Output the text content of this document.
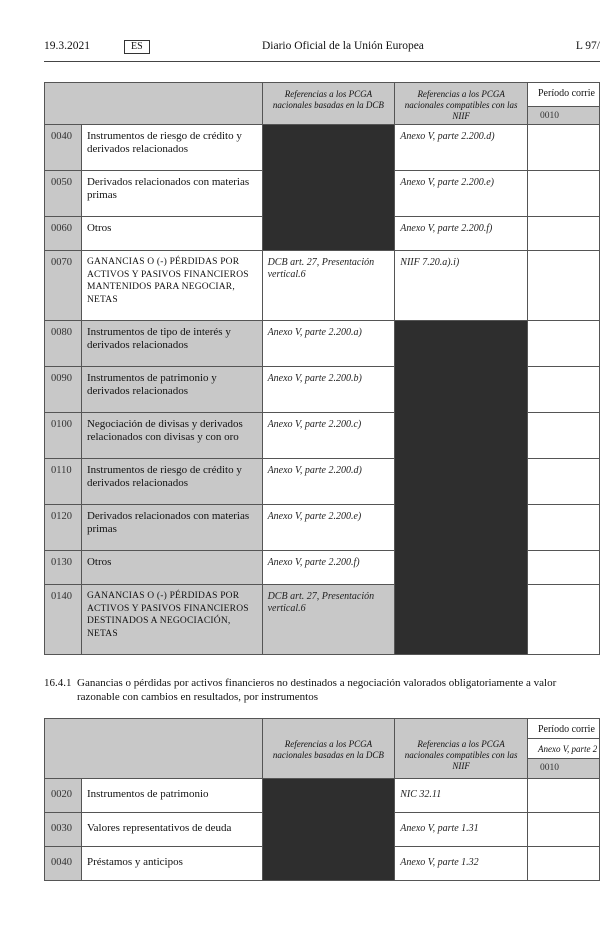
19.3.2021	ES	Diario Oficial de la Unión Europea	L 97/
		Referencias a los PCGA nacionales basadas en la DCB	Referencias a los PCGA nacionales compatibles con las NIIF	Período corrie
				0010
0040	Instrumentos de riesgo de crédito y derivados relacionados		Anexo V, parte 2.200.d)	
0050	Derivados relacionados con materias primas		Anexo V, parte 2.200.e)	
0060	Otros		Anexo V, parte 2.200.f)	
0070	GANANCIAS O (-) PÉRDIDAS POR ACTIVOS Y PASIVOS FINANCIEROS MANTENIDOS PARA NEGOCIAR, NETAS	DCB art. 27, Presentación vertical.6	NIIF 7.20.a).i)	
0080	Instrumentos de tipo de interés y derivados relacionados	Anexo V, parte 2.200.a)		
0090	Instrumentos de patrimonio y derivados relacionados	Anexo V, parte 2.200.b)		
0100	Negociación de divisas y derivados relacionados con divisas y con oro	Anexo V, parte 2.200.c)		
0110	Instrumentos de riesgo de crédito y derivados relacionados	Anexo V, parte 2.200.d)		
0120	Derivados relacionados con materias primas	Anexo V, parte 2.200.e)		
0130	Otros	Anexo V, parte 2.200.f)		
0140	GANANCIAS O (-) PÉRDIDAS POR ACTIVOS Y PASIVOS FINANCIEROS DESTINADOS A NEGOCIACIÓN, NETAS	DCB art. 27, Presentación vertical.6		
16.4.1 Ganancias o pérdidas por activos financieros no destinados a negociación valorados obligatoriamente a valor razonable con cambios en resultados, por instrumentos
		Referencias a los PCGA nacionales basadas en la DCB	Referencias a los PCGA nacionales compatibles con las NIIF	Período corrie
				Anexo V, parte 2
				0010
0020	Instrumentos de patrimonio		NIC 32.11	
0030	Valores representativos de deuda		Anexo V, parte 1.31	
0040	Préstamos y anticipos		Anexo V, parte 1.32	
